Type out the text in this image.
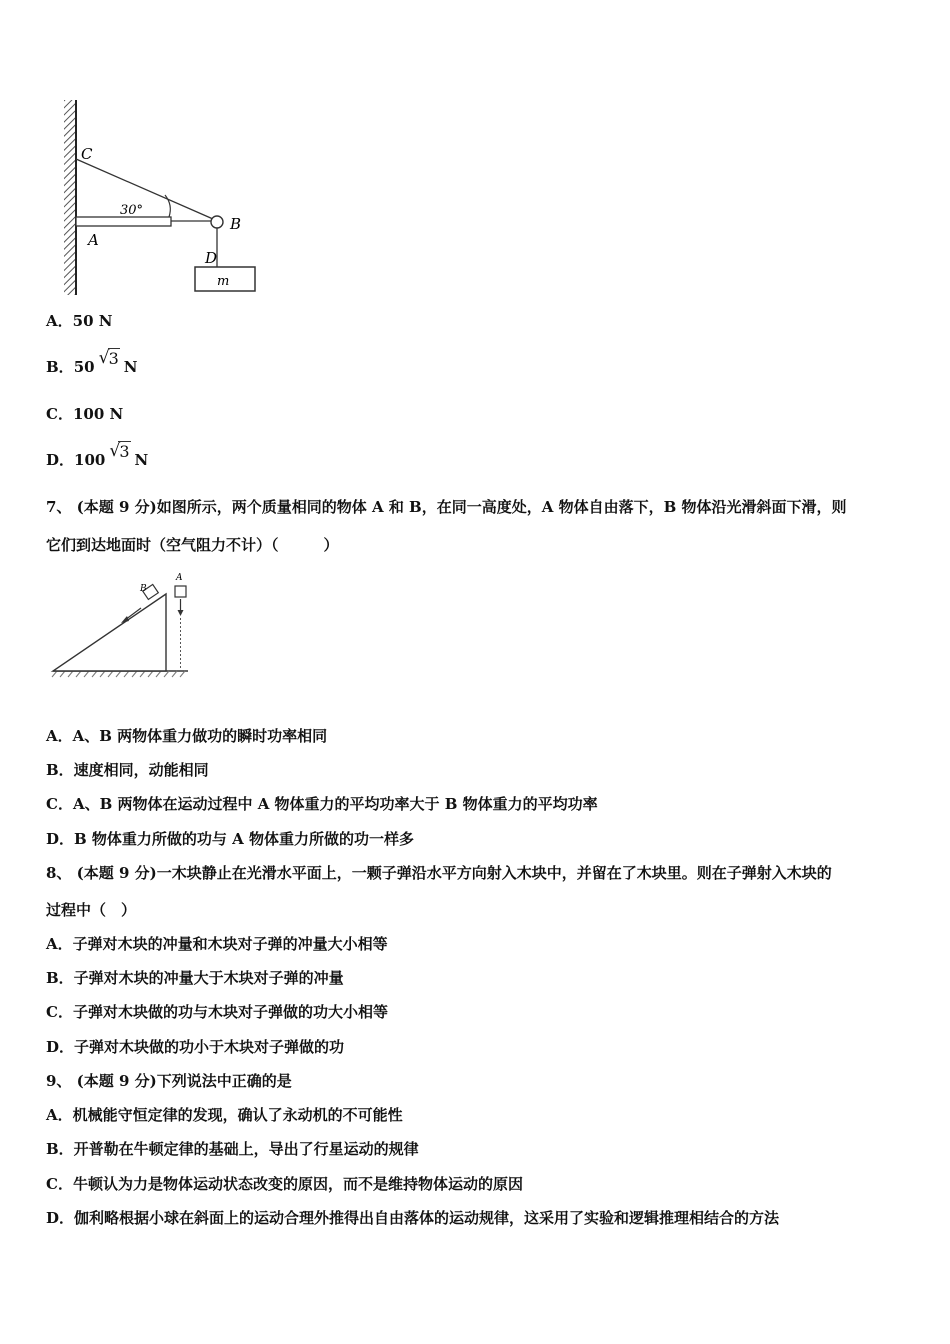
C
30°
A
B
D
m
A．50 N
B．50 √ 3 N
C．100 N
D．100 √ 3 N
7、 (本题 9 分)如图所示，两个质量相同的物体 A 和 B，在同一高度处，A 物体自由落下，B 物体沿光滑斜面下滑，则
它们到达地面时（空气阻力不计）（　　　）
B
A
A．A、B 两物体重力做功的瞬时功率相同
B．速度相同，动能相同
C．A、B 两物体在运动过程中 A 物体重力的平均功率大于 B 物体重力的平均功率
D．B 物体重力所做的功与 A 物体重力所做的功一样多
8、 (本题 9 分)一木块静止在光滑水平面上，一颗子弹沿水平方向射入木块中，并留在了木块里。则在子弹射入木块的
过程中（　）
A．子弹对木块的冲量和木块对子弹的冲量大小相等
B．子弹对木块的冲量大于木块对子弹的冲量
C．子弹对木块做的功与木块对子弹做的功大小相等
D．子弹对木块做的功小于木块对子弹做的功
9、 (本题 9 分)下列说法中正确的是
A．机械能守恒定律的发现，确认了永动机的不可能性
B．开普勒在牛顿定律的基础上，导出了行星运动的规律
C．牛顿认为力是物体运动状态改变的原因，而不是维持物体运动的原因
D．伽利略根据小球在斜面上的运动合理外推得出自由落体的运动规律，这采用了实验和逻辑推理相结合的方法
